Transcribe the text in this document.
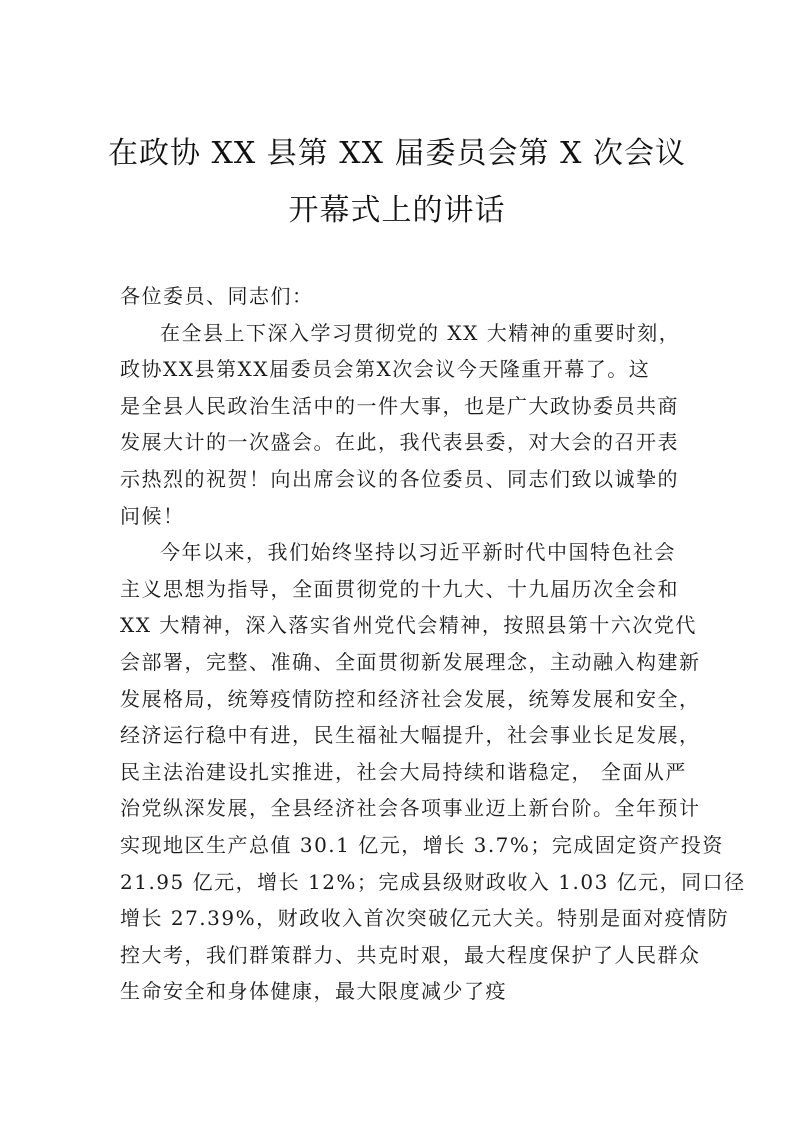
在政协 XX 县第 XX 届委员会第 X 次会议
开幕式上的讲话
各位委员、同志们：
在全县上下深入学习贯彻党的 XX 大精神的重要时刻，
政协XX县第XX届委员会第X次会议今天隆重开幕了。这
是全县人民政治生活中的一件大事，也是广大政协委员共商
发展大计的一次盛会。在此，我代表县委，对大会的召开表
示热烈的祝贺！向出席会议的各位委员、同志们致以诚挚的
问候！
今年以来，我们始终坚持以习近平新时代中国特色社会
主义思想为指导，全面贯彻党的十九大、十九届历次全会和
XX 大精神，深入落实省州党代会精神，按照县第十六次党代
会部署，完整、准确、全面贯彻新发展理念，主动融入构建新
发展格局，统筹疫情防控和经济社会发展，统筹发展和安全，
经济运行稳中有进，民生福祉大幅提升，社会事业长足发展，
民主法治建设扎实推进，社会大局持续和谐稳定， 全面从严
治党纵深发展，全县经济社会各项事业迈上新台阶。全年预计
实现地区生产总值 30.1 亿元，增长 3.7%；完成固定资产投资
21.95 亿元，增长 12%；完成县级财政收入 1.03 亿元，同口径
增长 27.39%，财政收入首次突破亿元大关。特别是面对疫情防
控大考，我们群策群力、共克时艰，最大程度保护了人民群众
生命安全和身体健康，最大限度减少了疫
